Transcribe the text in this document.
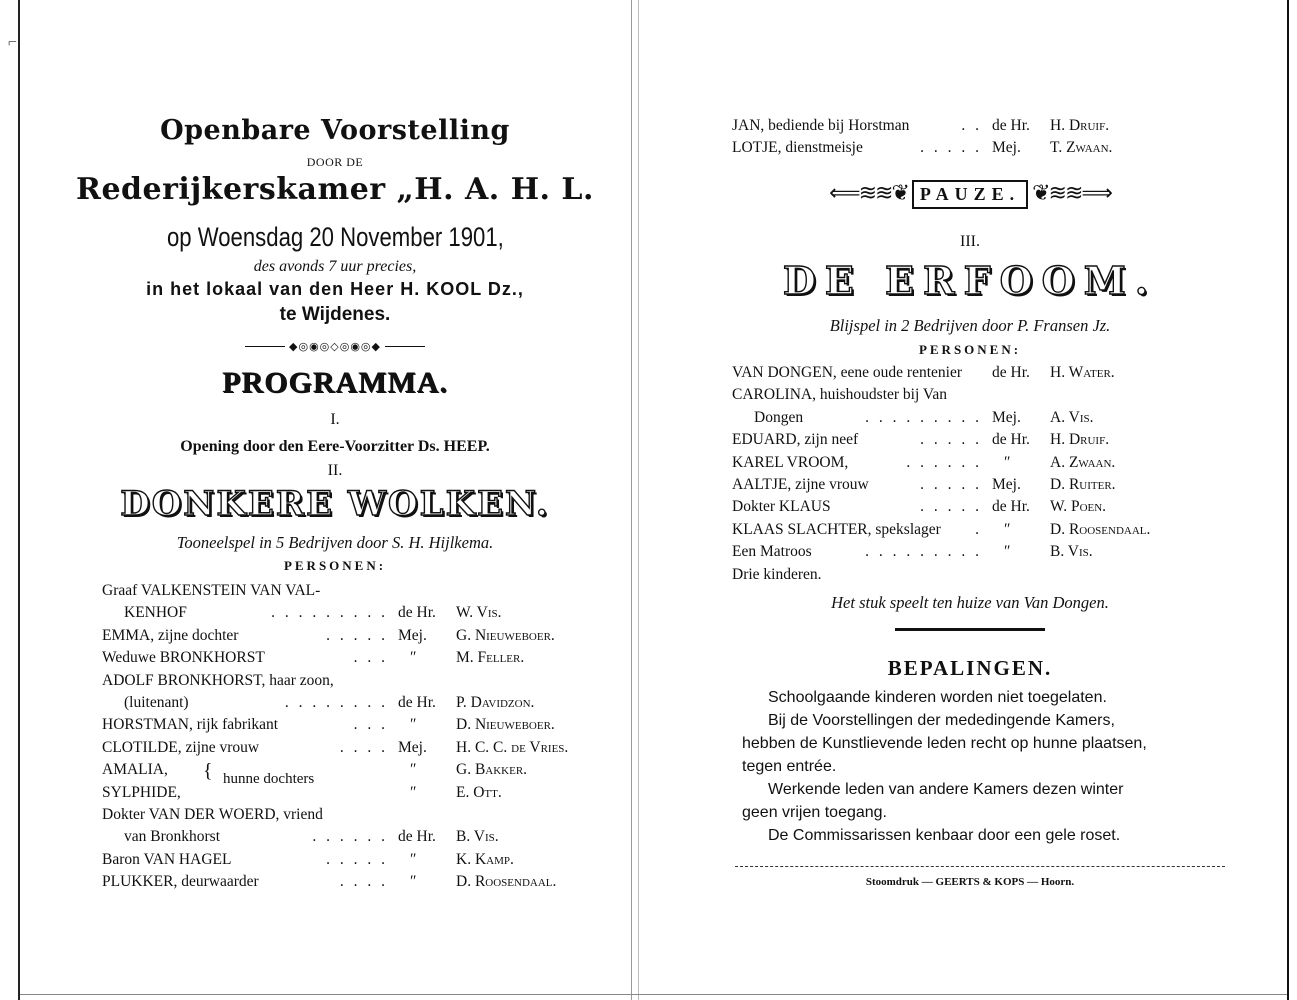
⌐
Openbare Voorstelling
DOOR DE
Rederijkerskamer „H. A. H. L.
op Woensdag 20 November 1901,
des avonds 7 uur precies,
in het lokaal van den Heer H. KOOL Dz.,
te Wijdenes.
◆◎◉◎◇◎◉◎◆
PROGRAMMA.
I.
Opening door den Eere-Voorzitter Ds. HEEP.
II.
DONKERE WOLKEN.
Tooneelspel in 5 Bedrijven door S. H. Hijlkema.
PERSONEN:
Graaf VALKENSTEIN VAN VAL-
KENHOF	. . . . . . . . . de Hr. W. Vis.
EMMA, zijne dochter	. . . . . Mej. G. Nieuweboer.
Weduwe BRONKHORST	. . . ″	M. Feller.
ADOLF BRONKHORST, haar zoon,
(luitenant)	. . . . . . . . de Hr. P. Davidzon.
HORSTMAN, rijk fabrikant	. . . ″	D. Nieuweboer.
CLOTILDE, zijne vrouw	. . . . Mej. H. C. C. de Vries.
AMALIA,	″	G. Bakker.
SYLPHIDE,	″	E. Ott.
Dokter VAN DER WOERD, vriend
van Bronkhorst	. . . . . . de Hr. B. Vis.
Baron VAN HAGEL	. . . . . ″	K. Kamp.
PLUKKER, deurwaarder	. . . . ″	D. Roosendaal.
{ hunne dochters
JAN, bediende bij Horstman	. . de Hr. H. Druif.
LOTJE, dienstmeisje	. . . . . Mej. T. Zwaan.
⟸≋≋❦ PAUZE. ❦≋≋⟹
III.
DE ERFOOM.
Blijspel in 2 Bedrijven door P. Fransen Jz.
PERSONEN:
VAN DONGEN, eene oude rentenier de Hr. H. Water.
CAROLINA, huishoudster bij Van
Dongen	. . . . . . . . . Mej. A. Vis.
EDUARD, zijn neef	. . . . . de Hr. H. Druif.
KAREL VROOM,	. . . . . . ″	A. Zwaan.
AALTJE, zijne vrouw	. . . . . Mej. D. Ruiter.
Dokter KLAUS	. . . . . de Hr. W. Poen.
KLAAS SLACHTER, spekslager . ″	D. Roosendaal.
Een Matroos	. . . . . . . . . ″	B. Vis.
Drie kinderen.
Het stuk speelt ten huize van Van Dongen.
BEPALINGEN.
Schoolgaande kinderen worden niet toegelaten.
Bij de Voorstellingen der mededingende Kamers,
hebben de Kunstlievende leden recht op hunne plaatsen,
tegen entrée.
Werkende leden van andere Kamers dezen winter
geen vrijen toegang.
De Commissarissen kenbaar door een gele roset.
Stoomdruk — GEERTS & KOPS — Hoorn.
